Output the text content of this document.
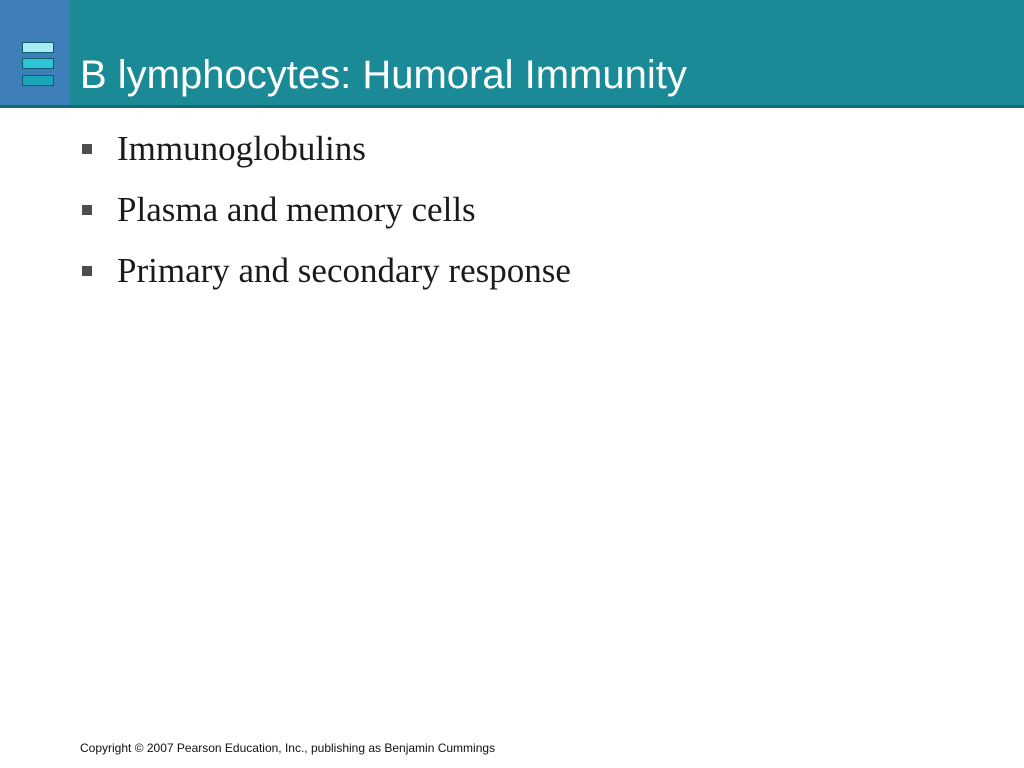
B lymphocytes: Humoral Immunity
Immunoglobulins
Plasma and memory cells
Primary and secondary response
Copyright © 2007 Pearson Education, Inc., publishing as Benjamin Cummings
